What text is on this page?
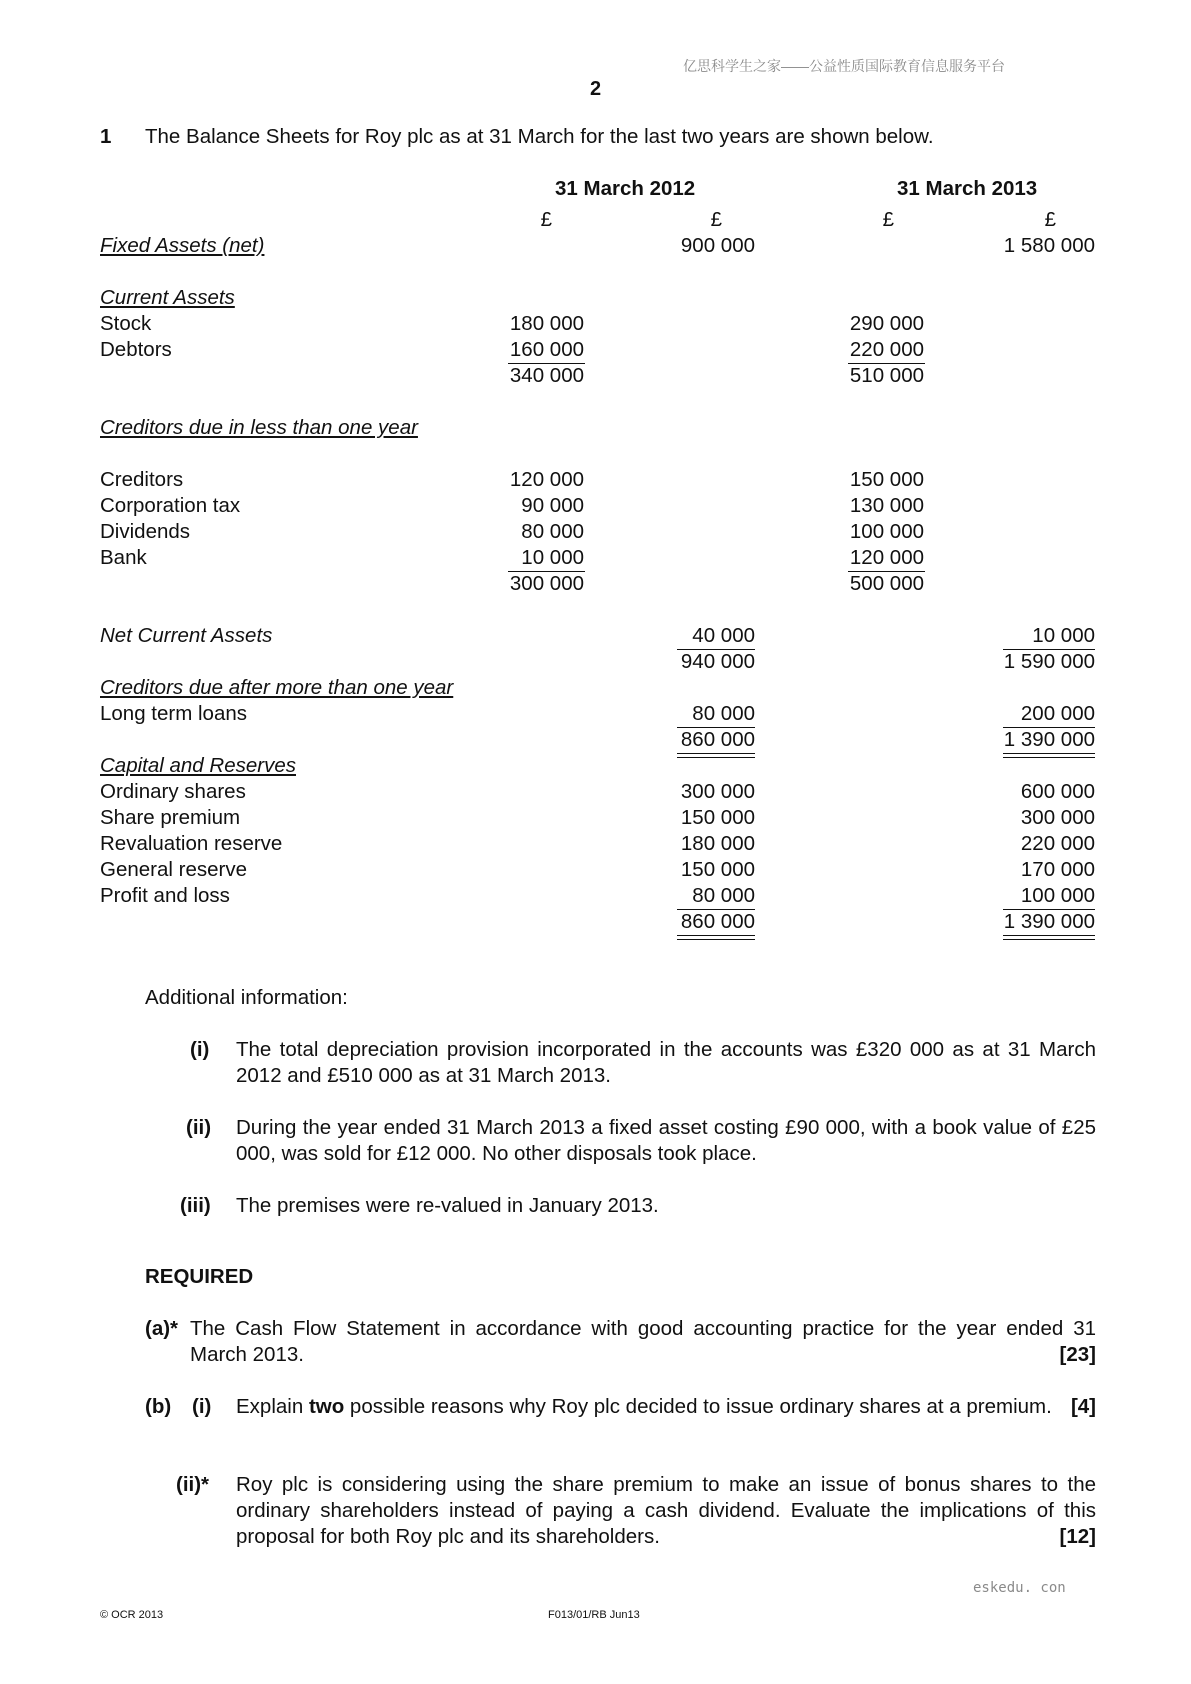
亿思科学生之家——公益性质国际教育信息服务平台
2
1 The Balance Sheets for Roy plc as at 31 March for the last two years are shown below.
31 March 2012	31 March 2013
£	£	£	£
Fixed Assets (net)	900 000	1 580 000
Current Assets
Stock	180 000	290 000
Debtors	160 000	220 000
340 000	510 000
Creditors due in less than one year
Creditors	120 000	150 000
Corporation tax	90 000	130 000
Dividends	80 000	100 000
Bank	10 000	120 000
300 000	500 000
Net Current Assets	40 000	10 000
940 000	1 590 000
Creditors due after more than one year
Long term loans	80 000	200 000
860 000	1 390 000
Capital and Reserves
Ordinary shares	300 000	600 000
Share premium	150 000	300 000
Revaluation reserve	180 000	220 000
General reserve	150 000	170 000
Profit and loss	80 000	100 000
860 000	1 390 000
Additional information:
(i) The total depreciation provision incorporated in the accounts was £320 000 as at 31 March 2012 and £510 000 as at 31 March 2013.
(ii) During the year ended 31 March 2013 a fixed asset costing £90 000, with a book value of £25 000, was sold for £12 000. No other disposals took place.
(iii) The premises were re-valued in January 2013.
REQUIRED
(a)* The Cash Flow Statement in accordance with good accounting practice for the year ended 31 March 2013.	[23]
(b) (i) Explain two possible reasons why Roy plc decided to issue ordinary shares at a premium. [4]
(ii)* Roy plc is considering using the share premium to make an issue of bonus shares to the ordinary shareholders instead of paying a cash dividend. Evaluate the implications of this proposal for both Roy plc and its shareholders.	[12]
eskedu. con
© OCR 2013	F013/01/RB Jun13
